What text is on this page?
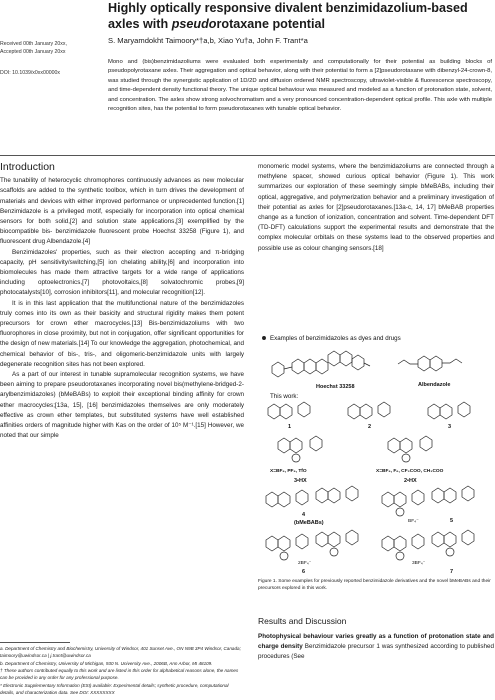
Highly optically responsive divalent benzimidazolium-based axles with pseudorotaxane potential
S. Maryamdokht Taimoory*†a,b, Xiao Yu†a, John F. Trant*a
Received 00th January 20xx,
Accepted 00th January 20xx
DOI: 10.1039/x0xx00000x
Mono and (bis)benzimidazoliums were evaluated both experimentally and computationally for their potential as building blocks of pseudopolyrotaxane axles. Their aggregation and optical behavior, along with their potential to form a [2]pseudorotaxane with dibenzyl-24-crown-8, was studied through the synergistic application of 1D/2D and diffusion ordered NMR spectroscopy, ultraviolet-visible & fluorescence spectroscopy, and time-dependent density functional theory. The unique optical behaviour was measured and modeled as a function of protonation state, solvent, and concentration. The axles show strong solvochromatism and a very pronounced concentration-dependent optical profile. This axle with multiple recognition sites, has the potential to form pseudorotaxanes with tunable optical behavior.
Introduction

The tunability of heterocyclic chromophores continuously advances as new molecular scaffolds are added to the synthetic toolbox, which in turn drives the development of materials and devices with either improved performance or unprecedented function.[1] Benzimidazole is a privileged motif, especially for incorporation into optical chemical sensors for both solid,[2] and solution state applications,[3] exemplified by the biocompatible bis- benzimidazole fluorescent probe Hoechst 33258 (Figure 1), and fluorescent drug Albendazole.[4]

Benzimidazoles' properties, such as their electron accepting and π-bridging capacity, pH sensitivity/switching,[5] ion chelating ability,[6] and incorporation into biomolecules has made them attractive targets for a wide range of applications including optoelectronics,[7] photovoltaics,[8] solvatochromic probes,[9] photocatalysts[10], corrosion inhibitors[11], and molecular recognition[12].

It is in this last application that the multifunctional nature of the benzimidazoles truly comes into its own as their basicity and structural rigidity makes them potent precursors for crown ether macrocycles.[13] Bis-benzimidazoliums with two fluorophores in close proximity, but not in conjugation, offer significant opportunities for the design of new materials.[14] To our knowledge the aggregation, photochemical, and chemical behavior of bis-, tris-, and oligomeric-benzimidazole units with largely degenerate recognition sites has not been explored.

As a part of our interest in tunable supramolecular recognition systems, we have been aiming to prepare pseudorotaxanes incorporating novel bis(methylene-bridged-2-arylbenzimidazoles) (bMeBABs) to exploit their exceptional binding affinity for crown ether macrocycles;[13a, 15], [16] benzimidazoles themselves are only moderately effective as crown ether templates, but substituted systems have well established affinities orders of magnitude higher with Kas on the order of 10⁵ M⁻¹.[15] However, we noted that our simple

a. Department of Chemistry and Biochemistry, University of Windsor, 401 Sunset Ave., ON N9B 3P4 Windsor, Canada; taimoory@uwindsor.ca | j.trant@uwindsor.ca
b. Department of Chemistry, University of Michigan, 930 N. University Ave., 2006B, Ann Arbor, MI 48109.
† These authors contributed equally to this work and are listed in this order for alphabetical reasons alone, the names can be provided in any order for any professional purpose.
* Electronic Supplementary Information (ESI) available: Experimental details; synthetic procedure, computational details, and characterization data. See DOI: XXXXXXXX

monomeric model systems, where the benzimidazoliums are connected through a methylene spacer, showed curious optical behavior (Figure 1). This work summarizes our exploration of these seemingly simple bMeBABs, including their optical, aggregative, and polymerization behavior and a preliminary investigation of their potential as axles for [2]pseudorotaxanes.[13a-c, 14, 17] bMeBAB properties change as a function of ionization, concentration and solvent. Time-dependent DFT (TD-DFT) calculations support the experimental results and demonstrate that the complex molecular orbitals on these systems lead to the observed properties and possible use as colour changing sensors.[18]

Examples of benzimidazoles as dyes and drugs
Hoechst 33258	Albendazole
This work:
1	2	3
X=BF₄, PF₆, TfO	X=BF₄, F₆, CF₃COO, CH₃COO
3•HX	2•HX
4
(bMeBABs)	BF₄⁻	5
2BF₄⁻
6
3BF₄⁻
7
Figure 1. Some examples for previously reported benzimidazole derivatives and the novel bMeBABs and their precursors explored in this work.
Results and Discussion
Photophysical behaviour varies greatly as a function of protonation state and charge density Benzimidazole precursor 1 was synthesized according to published procedures (See
